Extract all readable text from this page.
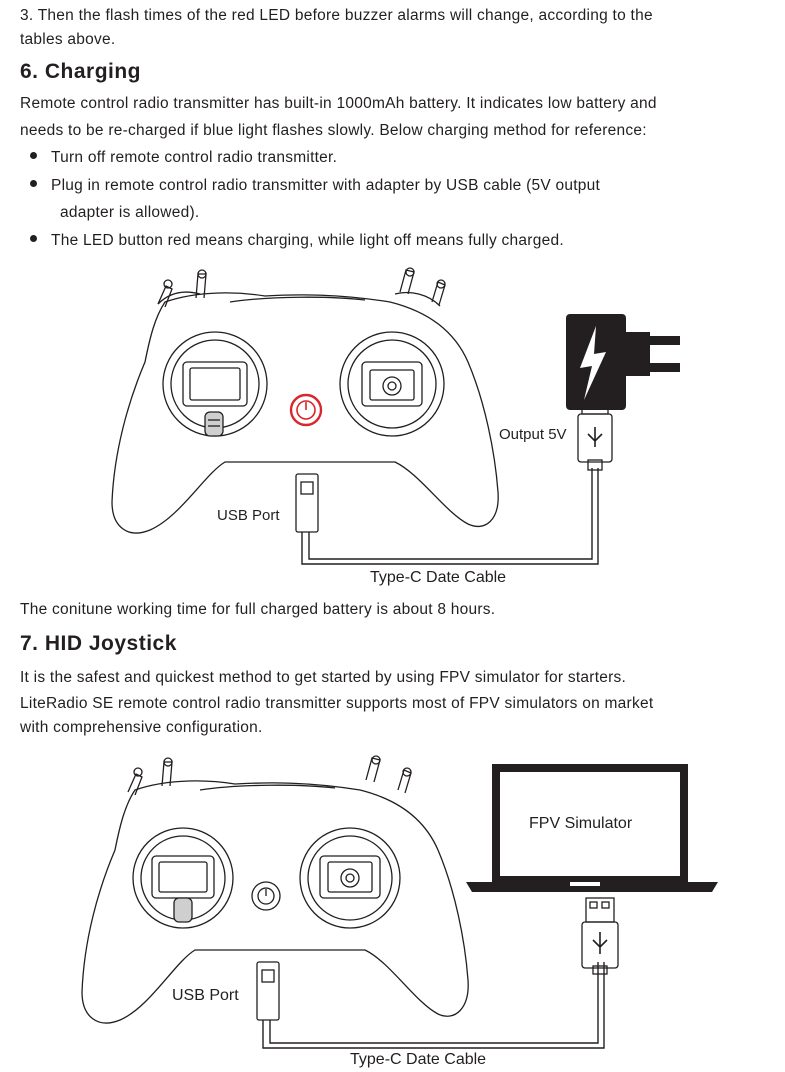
3. Then the flash times of the red LED before buzzer alarms will change, according to the

tables above.

6. Charging

Remote control radio transmitter has built-in 1000mAh battery. It indicates low battery and

needs to be re-charged if blue light flashes slowly. Below charging method for reference:

Turn off remote control radio transmitter.
Plug in remote control radio transmitter with adapter by USB cable (5V output
adapter is allowed).
The LED button red means charging, while light off means fully charged.
USB Port
Output 5V
Type-C Date Cable

The conitune working time for full charged battery is about 8 hours.

7. HID Joystick

It is the safest and quickest method to get started by using FPV simulator for starters.

LiteRadio SE remote control radio transmitter supports most of FPV simulators on market

with comprehensive configuration.

FPV Simulator
USB Port
Type-C Date Cable
